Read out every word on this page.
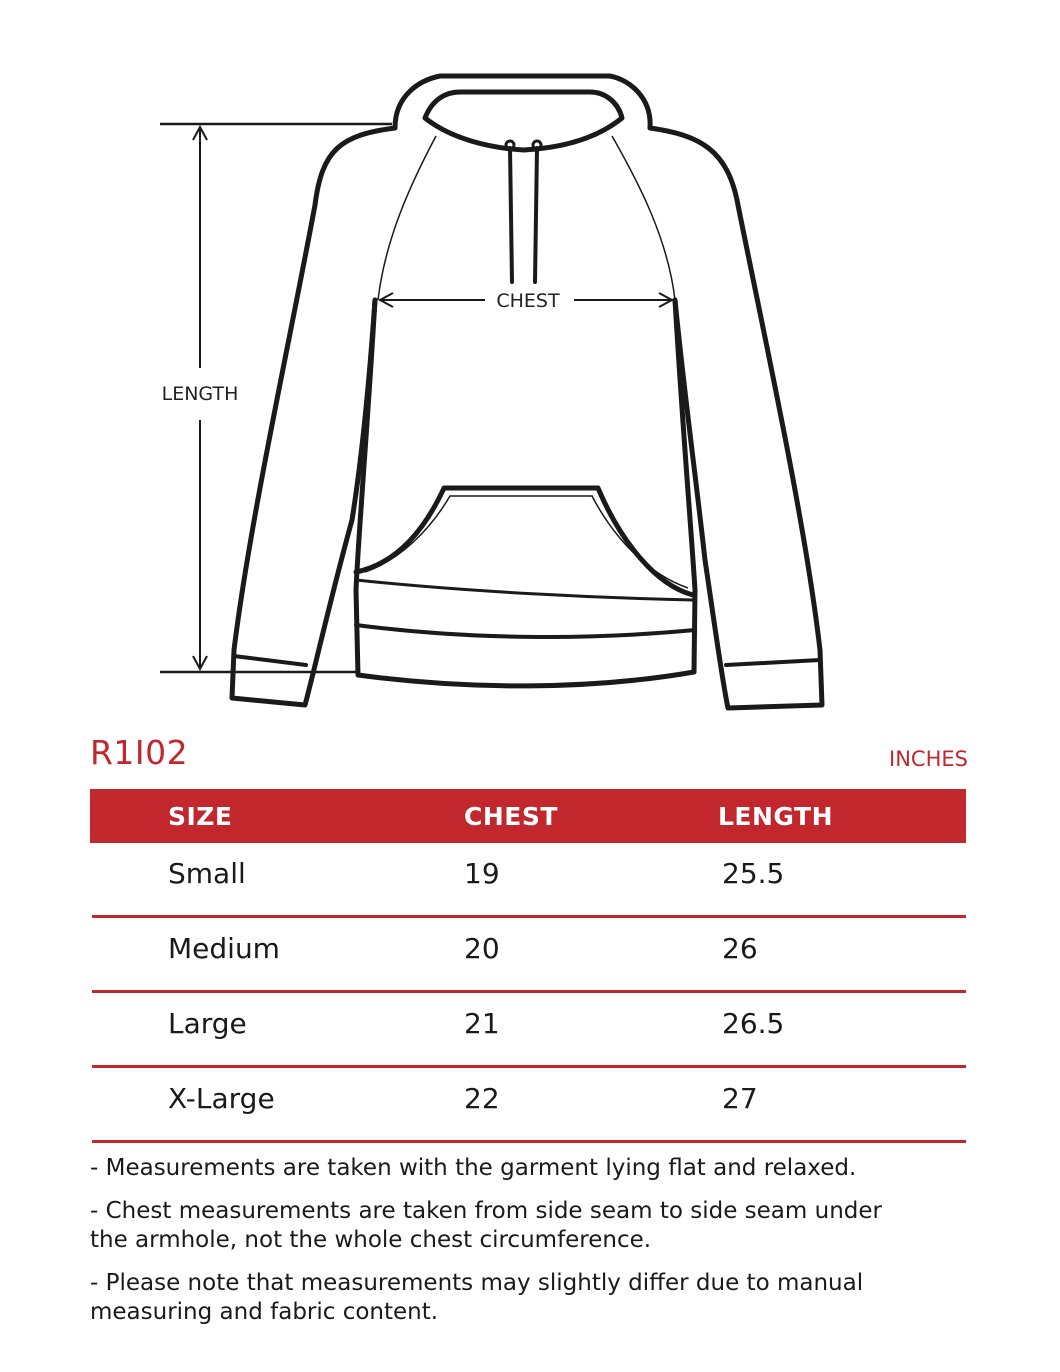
LENGTH
CHEST
R1I02	INCHES
SIZE	CHEST	LENGTH
Small	19	25.5
Medium	20	26
Large	21	26.5
X-Large	22	27
- Measurements are taken with the garment lying flat and relaxed.
- Chest measurements are taken from side seam to side seam under
the armhole, not the whole chest circumference.
- Please note that measurements may slightly differ due to manual
measuring and fabric content.
